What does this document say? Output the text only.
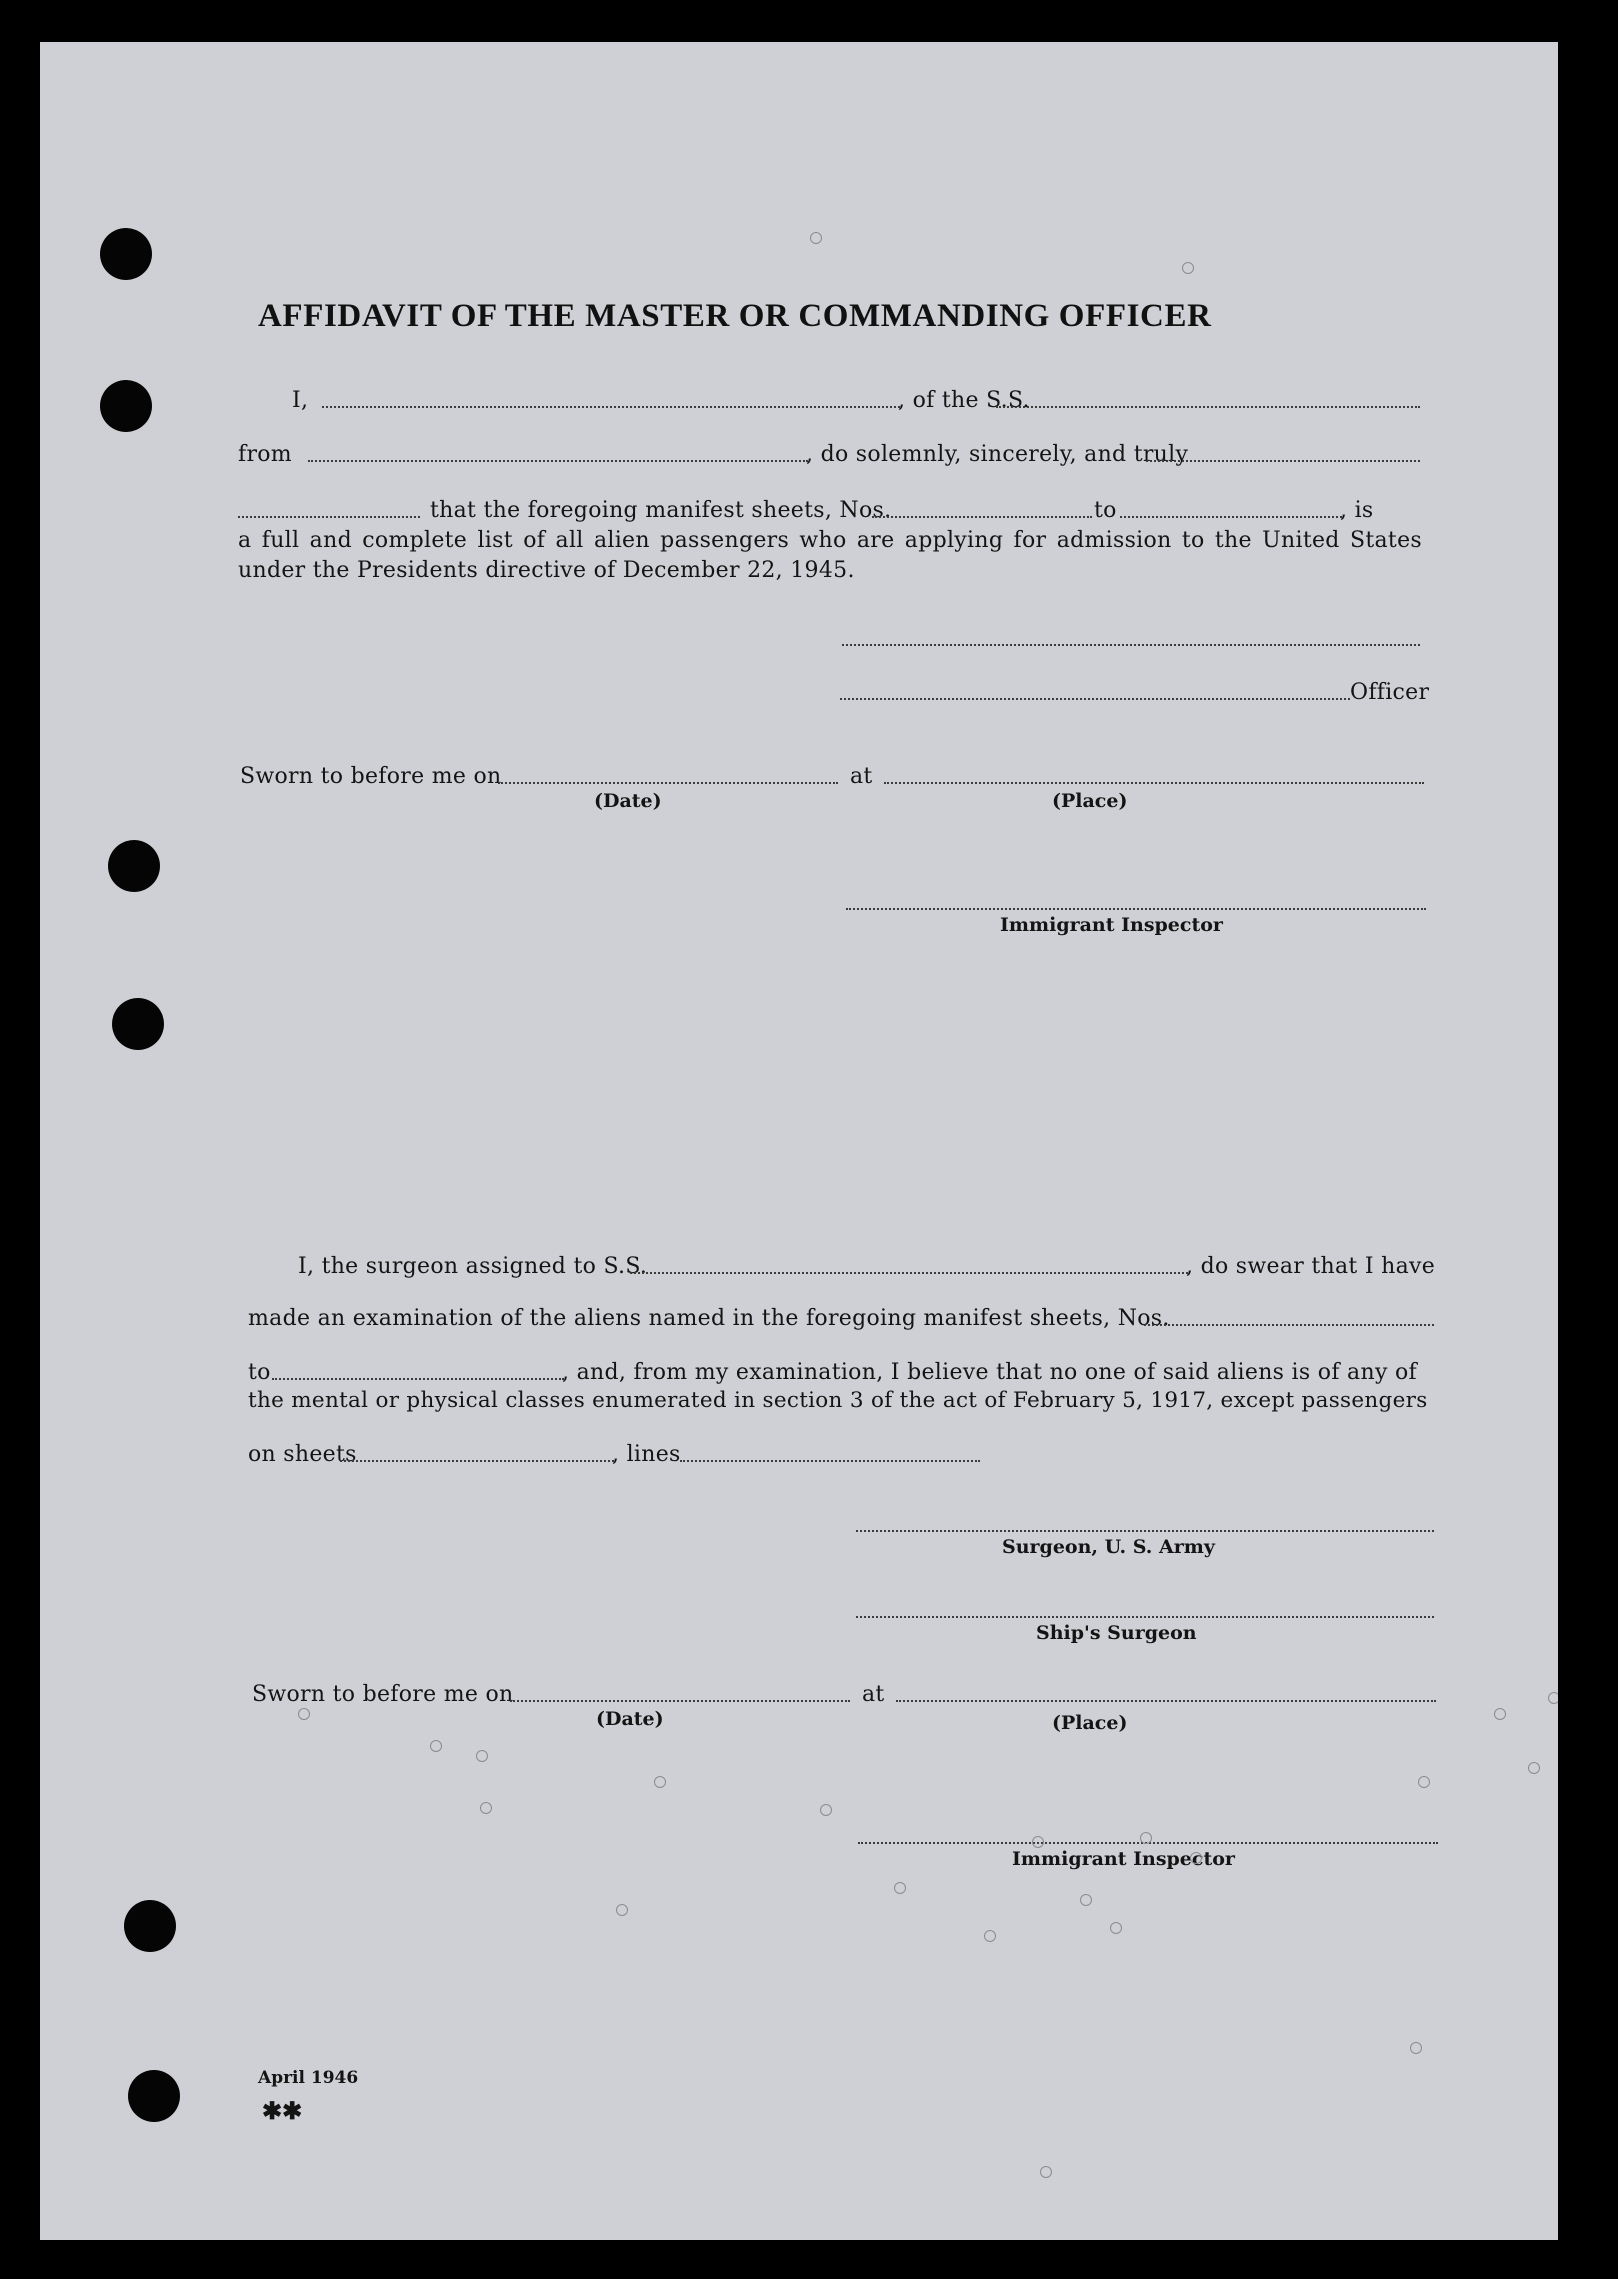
AFFIDAVIT OF THE MASTER OR COMMANDING OFFICER
I,	, of the S.S.
from	, do solemnly, sincerely, and truly
that the foregoing manifest sheets, Nos.	to	, is
a full and complete list of all alien passengers who are applying for admission to the United States under the Presidents directive of December 22, 1945.
Officer
Sworn to before me on	at
(Date)	(Place)
Immigrant Inspector
I, the surgeon assigned to S.S.	, do swear that I have
made an examination of the aliens named in the foregoing manifest sheets, Nos.
to	, and, from my examination, I believe that no one of said aliens is of any of
the mental or physical classes enumerated in section 3 of the act of February 5, 1917, except passengers
on sheets	, lines
Surgeon, U. S. Army
Ship's Surgeon
Sworn to before me on	at
(Date)	(Place)
Immigrant Inspector
April 1946
✱✱
